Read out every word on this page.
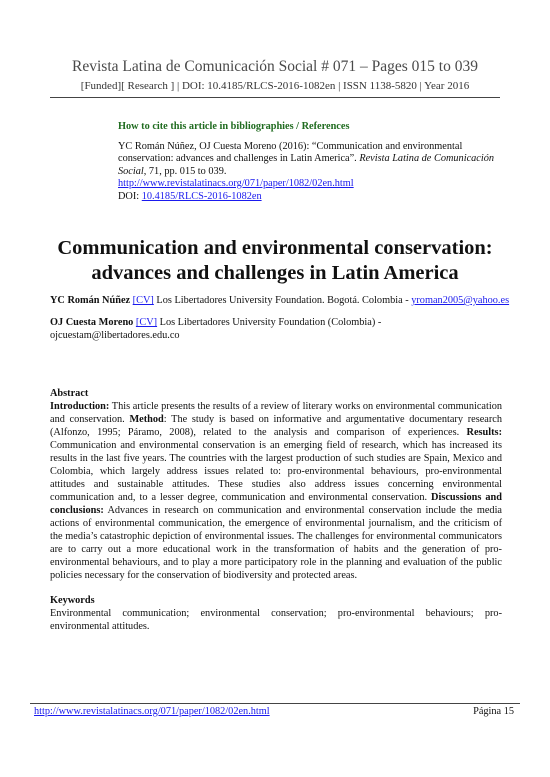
Revista Latina de Comunicación Social # 071 – Pages 015 to 039
[Funded][ Research ] | DOI: 10.4185/RLCS-2016-1082en | ISSN 1138-5820 | Year 2016
How to cite this article in bibliographies / References
YC Román Núñez, OJ Cuesta Moreno (2016): “Communication and environmental conservation: advances and challenges in Latin America”. Revista Latina de Comunicación Social, 71, pp. 015 to 039.
http://www.revistalatinacs.org/071/paper/1082/02en.html
DOI: 10.4185/RLCS-2016-1082en
Communication and environmental conservation:
advances and challenges in Latin America

YC Román Núñez [CV] Los Libertadores University Foundation. Bogotá. Colombia - yroman2005@yahoo.es

OJ Cuesta Moreno [CV] Los Libertadores University Foundation (Colombia) - ojcuestam@libertadores.edu.co

Abstract

Introduction: This article presents the results of a review of literary works on environmental communication and conservation. Method: The study is based on informative and argumentative documentary research (Alfonzo, 1995; Páramo, 2008), related to the analysis and comparison of experiences. Results: Communication and environmental conservation is an emerging field of research, which has increased its results in the last five years. The countries with the largest production of such studies are Spain, Mexico and Colombia, which largely address issues related to: pro-environmental behaviours, pro-environmental attitudes and sustainable attitudes. These studies also address issues concerning environmental communication and, to a lesser degree, communication and environmental conservation. Discussions and conclusions: Advances in research on communication and environmental conservation include the media actions of environmental communication, the emergence of environmental journalism, and the criticism of the media’s catastrophic depiction of environmental issues. The challenges for environmental communicators are to carry out a more educational work in the transformation of habits and the generation of pro-environmental behaviours, and to play a more participatory role in the planning and evaluation of the public policies necessary for the conservation of biodiversity and protected areas.

Keywords

Environmental communication; environmental conservation; pro-environmental behaviours; pro-environmental attitudes.

http://www.revistalatinacs.org/071/paper/1082/02en.html	Página 15
